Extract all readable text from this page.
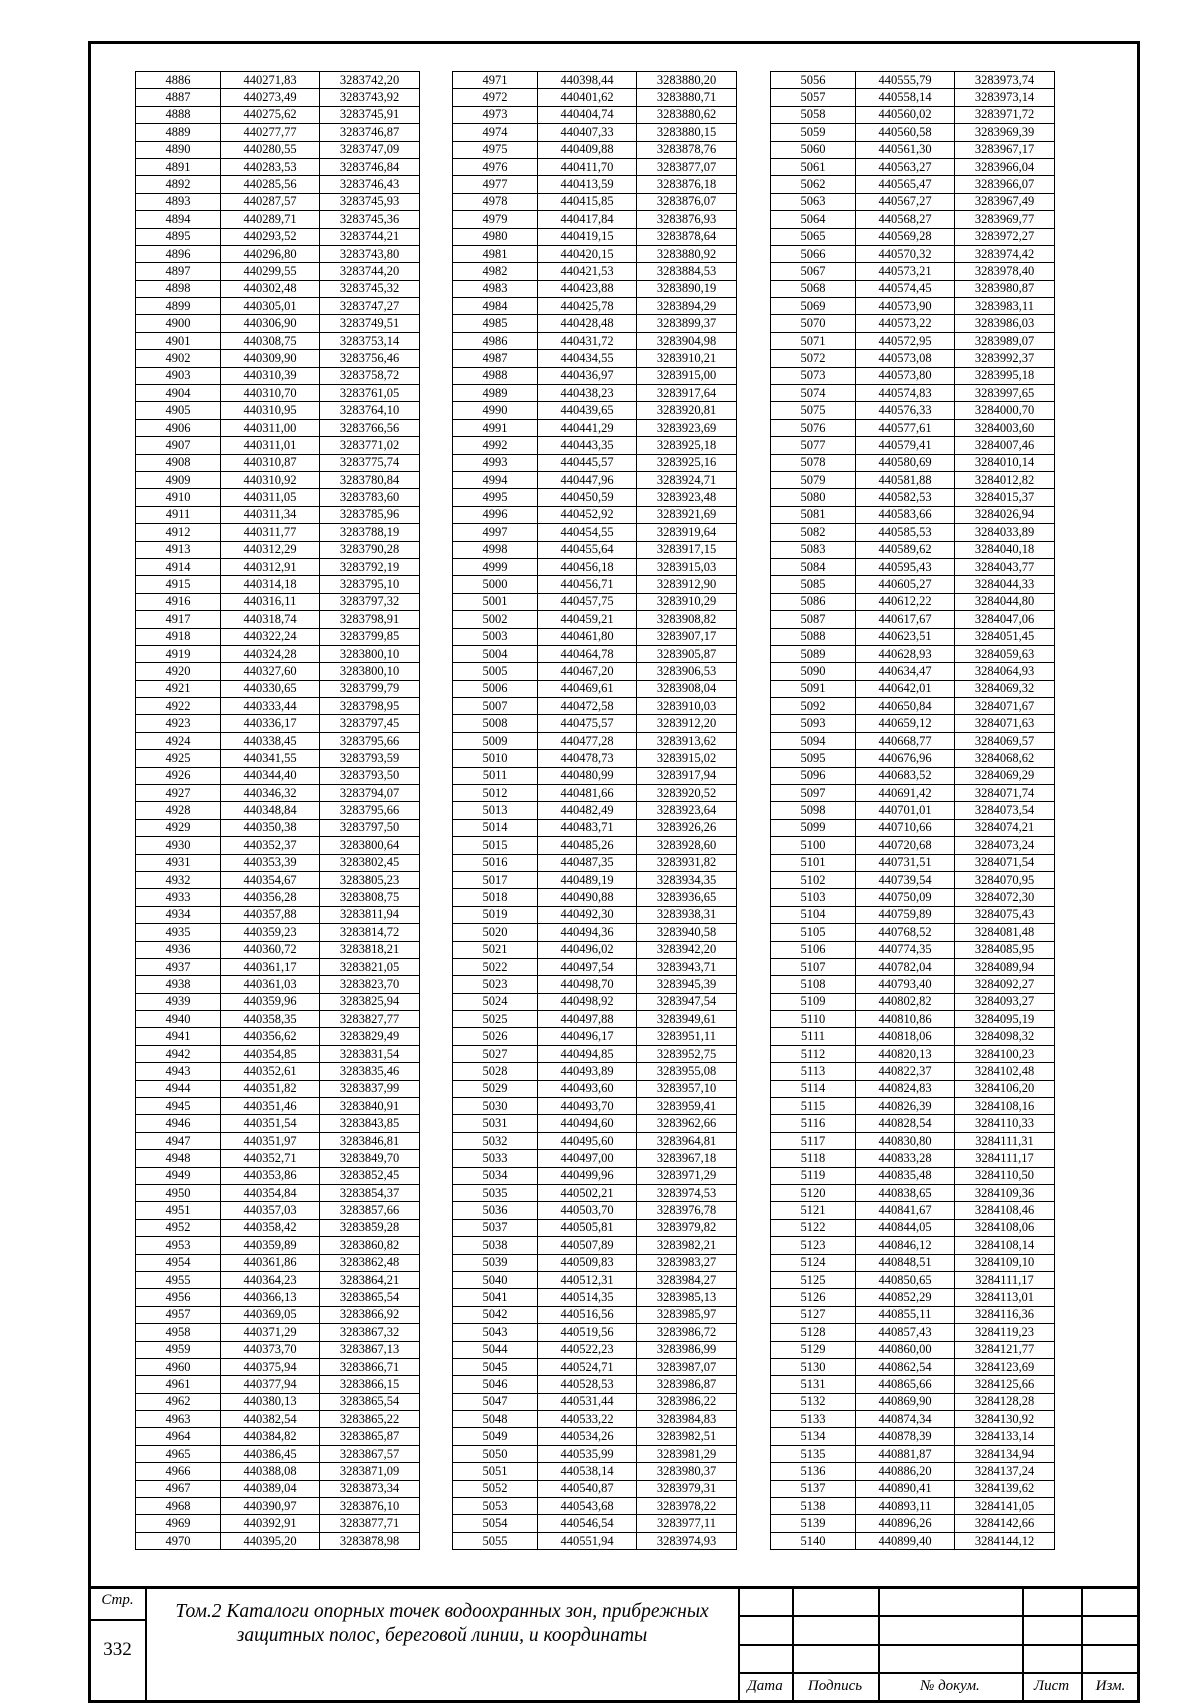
4886	440271,83	3283742,20
4887	440273,49	3283743,92
4888	440275,62	3283745,91
4889	440277,77	3283746,87
4890	440280,55	3283747,09
4891	440283,53	3283746,84
4892	440285,56	3283746,43
4893	440287,57	3283745,93
4894	440289,71	3283745,36
4895	440293,52	3283744,21
4896	440296,80	3283743,80
4897	440299,55	3283744,20
4898	440302,48	3283745,32
4899	440305,01	3283747,27
4900	440306,90	3283749,51
4901	440308,75	3283753,14
4902	440309,90	3283756,46
4903	440310,39	3283758,72
4904	440310,70	3283761,05
4905	440310,95	3283764,10
4906	440311,00	3283766,56
4907	440311,01	3283771,02
4908	440310,87	3283775,74
4909	440310,92	3283780,84
4910	440311,05	3283783,60
4911	440311,34	3283785,96
4912	440311,77	3283788,19
4913	440312,29	3283790,28
4914	440312,91	3283792,19
4915	440314,18	3283795,10
4916	440316,11	3283797,32
4917	440318,74	3283798,91
4918	440322,24	3283799,85
4919	440324,28	3283800,10
4920	440327,60	3283800,10
4921	440330,65	3283799,79
4922	440333,44	3283798,95
4923	440336,17	3283797,45
4924	440338,45	3283795,66
4925	440341,55	3283793,59
4926	440344,40	3283793,50
4927	440346,32	3283794,07
4928	440348,84	3283795,66
4929	440350,38	3283797,50
4930	440352,37	3283800,64
4931	440353,39	3283802,45
4932	440354,67	3283805,23
4933	440356,28	3283808,75
4934	440357,88	3283811,94
4935	440359,23	3283814,72
4936	440360,72	3283818,21
4937	440361,17	3283821,05
4938	440361,03	3283823,70
4939	440359,96	3283825,94
4940	440358,35	3283827,77
4941	440356,62	3283829,49
4942	440354,85	3283831,54
4943	440352,61	3283835,46
4944	440351,82	3283837,99
4945	440351,46	3283840,91
4946	440351,54	3283843,85
4947	440351,97	3283846,81
4948	440352,71	3283849,70
4949	440353,86	3283852,45
4950	440354,84	3283854,37
4951	440357,03	3283857,66
4952	440358,42	3283859,28
4953	440359,89	3283860,82
4954	440361,86	3283862,48
4955	440364,23	3283864,21
4956	440366,13	3283865,54
4957	440369,05	3283866,92
4958	440371,29	3283867,32
4959	440373,70	3283867,13
4960	440375,94	3283866,71
4961	440377,94	3283866,15
4962	440380,13	3283865,54
4963	440382,54	3283865,22
4964	440384,82	3283865,87
4965	440386,45	3283867,57
4966	440388,08	3283871,09
4967	440389,04	3283873,34
4968	440390,97	3283876,10
4969	440392,91	3283877,71
4970	440395,20	3283878,98
4971	440398,44	3283880,20
4972	440401,62	3283880,71
4973	440404,74	3283880,62
4974	440407,33	3283880,15
4975	440409,88	3283878,76
4976	440411,70	3283877,07
4977	440413,59	3283876,18
4978	440415,85	3283876,07
4979	440417,84	3283876,93
4980	440419,15	3283878,64
4981	440420,15	3283880,92
4982	440421,53	3283884,53
4983	440423,88	3283890,19
4984	440425,78	3283894,29
4985	440428,48	3283899,37
4986	440431,72	3283904,98
4987	440434,55	3283910,21
4988	440436,97	3283915,00
4989	440438,23	3283917,64
4990	440439,65	3283920,81
4991	440441,29	3283923,69
4992	440443,35	3283925,18
4993	440445,57	3283925,16
4994	440447,96	3283924,71
4995	440450,59	3283923,48
4996	440452,92	3283921,69
4997	440454,55	3283919,64
4998	440455,64	3283917,15
4999	440456,18	3283915,03
5000	440456,71	3283912,90
5001	440457,75	3283910,29
5002	440459,21	3283908,82
5003	440461,80	3283907,17
5004	440464,78	3283905,87
5005	440467,20	3283906,53
5006	440469,61	3283908,04
5007	440472,58	3283910,03
5008	440475,57	3283912,20
5009	440477,28	3283913,62
5010	440478,73	3283915,02
5011	440480,99	3283917,94
5012	440481,66	3283920,52
5013	440482,49	3283923,64
5014	440483,71	3283926,26
5015	440485,26	3283928,60
5016	440487,35	3283931,82
5017	440489,19	3283934,35
5018	440490,88	3283936,65
5019	440492,30	3283938,31
5020	440494,36	3283940,58
5021	440496,02	3283942,20
5022	440497,54	3283943,71
5023	440498,70	3283945,39
5024	440498,92	3283947,54
5025	440497,88	3283949,61
5026	440496,17	3283951,11
5027	440494,85	3283952,75
5028	440493,89	3283955,08
5029	440493,60	3283957,10
5030	440493,70	3283959,41
5031	440494,60	3283962,66
5032	440495,60	3283964,81
5033	440497,00	3283967,18
5034	440499,96	3283971,29
5035	440502,21	3283974,53
5036	440503,70	3283976,78
5037	440505,81	3283979,82
5038	440507,89	3283982,21
5039	440509,83	3283983,27
5040	440512,31	3283984,27
5041	440514,35	3283985,13
5042	440516,56	3283985,97
5043	440519,56	3283986,72
5044	440522,23	3283986,99
5045	440524,71	3283987,07
5046	440528,53	3283986,87
5047	440531,44	3283986,22
5048	440533,22	3283984,83
5049	440534,26	3283982,51
5050	440535,99	3283981,29
5051	440538,14	3283980,37
5052	440540,87	3283979,31
5053	440543,68	3283978,22
5054	440546,54	3283977,11
5055	440551,94	3283974,93
5056	440555,79	3283973,74
5057	440558,14	3283973,14
5058	440560,02	3283971,72
5059	440560,58	3283969,39
5060	440561,30	3283967,17
5061	440563,27	3283966,04
5062	440565,47	3283966,07
5063	440567,27	3283967,49
5064	440568,27	3283969,77
5065	440569,28	3283972,27
5066	440570,32	3283974,42
5067	440573,21	3283978,40
5068	440574,45	3283980,87
5069	440573,90	3283983,11
5070	440573,22	3283986,03
5071	440572,95	3283989,07
5072	440573,08	3283992,37
5073	440573,80	3283995,18
5074	440574,83	3283997,65
5075	440576,33	3284000,70
5076	440577,61	3284003,60
5077	440579,41	3284007,46
5078	440580,69	3284010,14
5079	440581,88	3284012,82
5080	440582,53	3284015,37
5081	440583,66	3284026,94
5082	440585,53	3284033,89
5083	440589,62	3284040,18
5084	440595,43	3284043,77
5085	440605,27	3284044,33
5086	440612,22	3284044,80
5087	440617,67	3284047,06
5088	440623,51	3284051,45
5089	440628,93	3284059,63
5090	440634,47	3284064,93
5091	440642,01	3284069,32
5092	440650,84	3284071,67
5093	440659,12	3284071,63
5094	440668,77	3284069,57
5095	440676,96	3284068,62
5096	440683,52	3284069,29
5097	440691,42	3284071,74
5098	440701,01	3284073,54
5099	440710,66	3284074,21
5100	440720,68	3284073,24
5101	440731,51	3284071,54
5102	440739,54	3284070,95
5103	440750,09	3284072,30
5104	440759,89	3284075,43
5105	440768,52	3284081,48
5106	440774,35	3284085,95
5107	440782,04	3284089,94
5108	440793,40	3284092,27
5109	440802,82	3284093,27
5110	440810,86	3284095,19
5111	440818,06	3284098,32
5112	440820,13	3284100,23
5113	440822,37	3284102,48
5114	440824,83	3284106,20
5115	440826,39	3284108,16
5116	440828,54	3284110,33
5117	440830,80	3284111,31
5118	440833,28	3284111,17
5119	440835,48	3284110,50
5120	440838,65	3284109,36
5121	440841,67	3284108,46
5122	440844,05	3284108,06
5123	440846,12	3284108,14
5124	440848,51	3284109,10
5125	440850,65	3284111,17
5126	440852,29	3284113,01
5127	440855,11	3284116,36
5128	440857,43	3284119,23
5129	440860,00	3284121,77
5130	440862,54	3284123,69
5131	440865,66	3284125,66
5132	440869,90	3284128,28
5133	440874,34	3284130,92
5134	440878,39	3284133,14
5135	440881,87	3284134,94
5136	440886,20	3284137,24
5137	440890,41	3284139,62
5138	440893,11	3284141,05
5139	440896,26	3284142,66
5140	440899,40	3284144,12
Стр.
332
Том.2 Каталоги опорных точек водоохранных зон, прибрежных
защитных полос, береговой линии, и координаты
Дата	Подпись	№ докум.	Лист	Изм.
